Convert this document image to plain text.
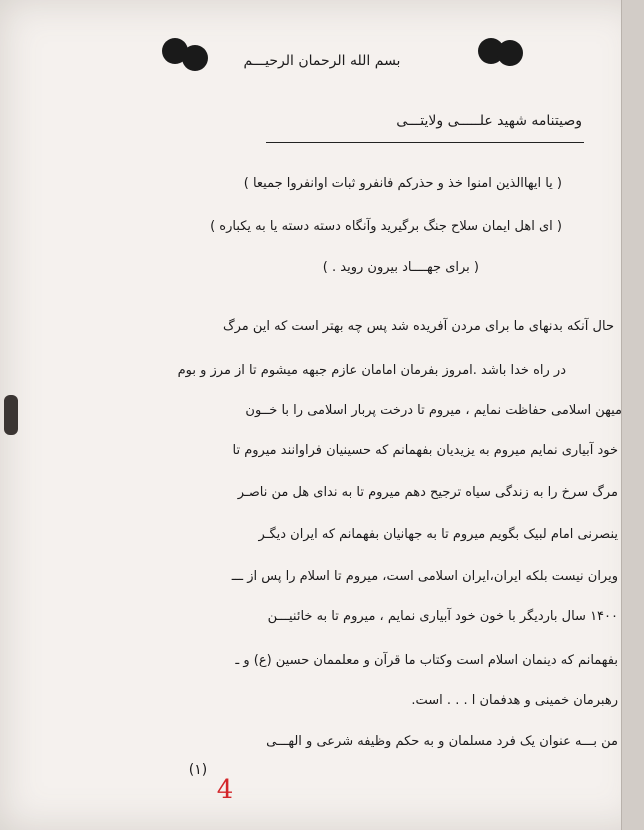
بسم الله الرحمان الرحیـــم
وصیتنامه شهید علـــــی ولایتـــی
( یا ایهاالذین امنوا خذ و حذرکم فانفرو ثبات اوانفروا جمیعا )
( ای اهل ایمان سلاح جنگ برگیرید وآنگاه دسته دسته یا به یکباره )
( برای جهــــاد بیرون روید . )
حال آنکه بدنهای ما برای مردن آفریده شد پس چه بهتر است که این مرگ
در راه خدا باشد .امروز بفرمان امامان عازم جبهه میشوم تا از مرز و بوم
میهن اسلامی حفاظت نمایم ، میروم تا درخت پربار اسلامی را با خــون
خود آبیاری نمایم میروم به یزیدیان بفهمانم که حسینیان فراوانند میروم تا
مرگ سرخ را به زندگی سیاه ترجیح دهم میروم تا به ندای هل من ناصـر
ینصرنی امام لبیک بگویم میروم تا به جهانیان بفهمانم که ایران دیگـر
ویران نیست بلکه ایران،ایران اسلامی است، میروم تا اسلام را پس از ـــ
۱۴۰۰ سال باردیگر با خون خود آبیاری نمایم ، میروم تا به خائنیـــن
بفهمانم که دینمان اسلام است وکتاب ما قرآن و معلممان حسین (ع) و ـ
رهبرمان خمینی و هدفمان ا . . . است.
من بـــه عنوان یک فرد مسلمان و به حکم وظیفه شرعی و الهـــی
(۱)
4
